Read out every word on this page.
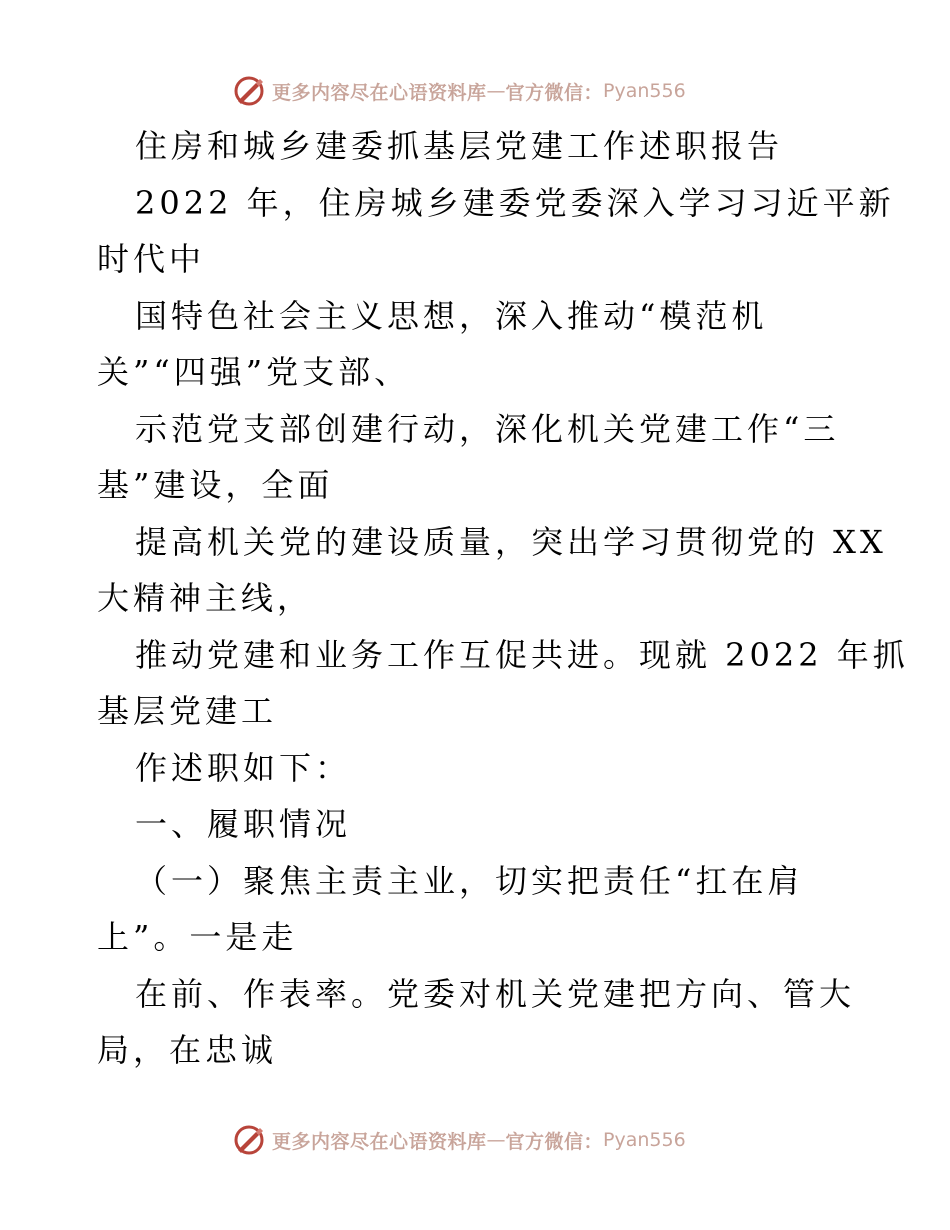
更多内容尽在心语资料库 — 官方微信： Pyan556
住房和城乡建委抓基层党建工作述职报告
2022 年，住房城乡建委党委深入学习习近平新
时代中
国特色社会主义思想，深入推动“模范机
关”“四强”党支部、
示范党支部创建行动，深化机关党建工作“三
基”建设，全面
提高机关党的建设质量，突出学习贯彻党的 XX
大精神主线，
推动党建和业务工作互促共进。现就 2022 年抓
基层党建工
作述职如下：
一、履职情况
（一）聚焦主责主业，切实把责任“扛在肩
上”。一是走
在前、作表率。党委对机关党建把方向、管大
局，在忠诚
更多内容尽在心语资料库 — 官方微信： Pyan556
